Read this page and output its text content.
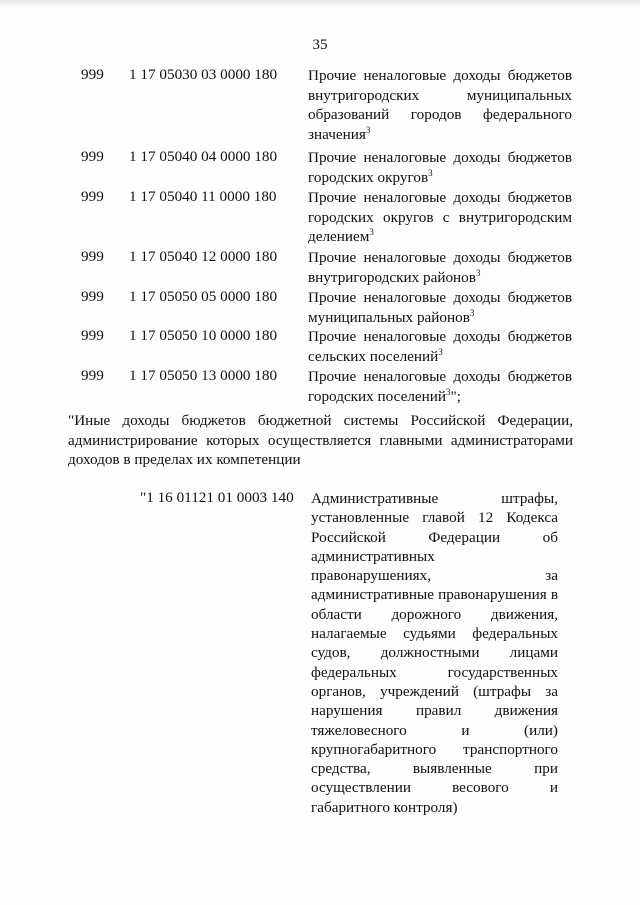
35
999 1 17 05030 03 0000 180 Прочие неналоговые доходы бюджетов внутригородских муниципальных образований городов федерального значения$^3$
999 1 17 05040 04 0000 180 Прочие неналоговые доходы бюджетов городских округов$^3$
999 1 17 05040 11 0000 180 Прочие неналоговые доходы бюджетов городских округов с внутригородским делением$^3$
999 1 17 05040 12 0000 180 Прочие неналоговые доходы бюджетов внутригородских районов$^3$
999 1 17 05050 05 0000 180 Прочие неналоговые доходы бюджетов муниципальных районов$^3$
999 1 17 05050 10 0000 180 Прочие неналоговые доходы бюджетов сельских поселений$^3$
999 1 17 05050 13 0000 180 Прочие неналоговые доходы бюджетов городских поселений$^3$";
"Иные доходы бюджетов бюджетной системы Российской Федерации, администрирование которых осуществляется главными администраторами доходов в пределах их компетенции
"1 16 01121 01 0003 140 Административные штрафы, установленные главой 12 Кодекса Российской Федерации об административных правонарушениях, за административные правонарушения в области дорожного движения, налагаемые судьями федеральных судов, должностными лицами федеральных государственных органов, учреждений (штрафы за нарушения правил движения тяжеловесного и (или) крупногабаритного транспортного средства, выявленные при осуществлении весового и габаритного контроля)
